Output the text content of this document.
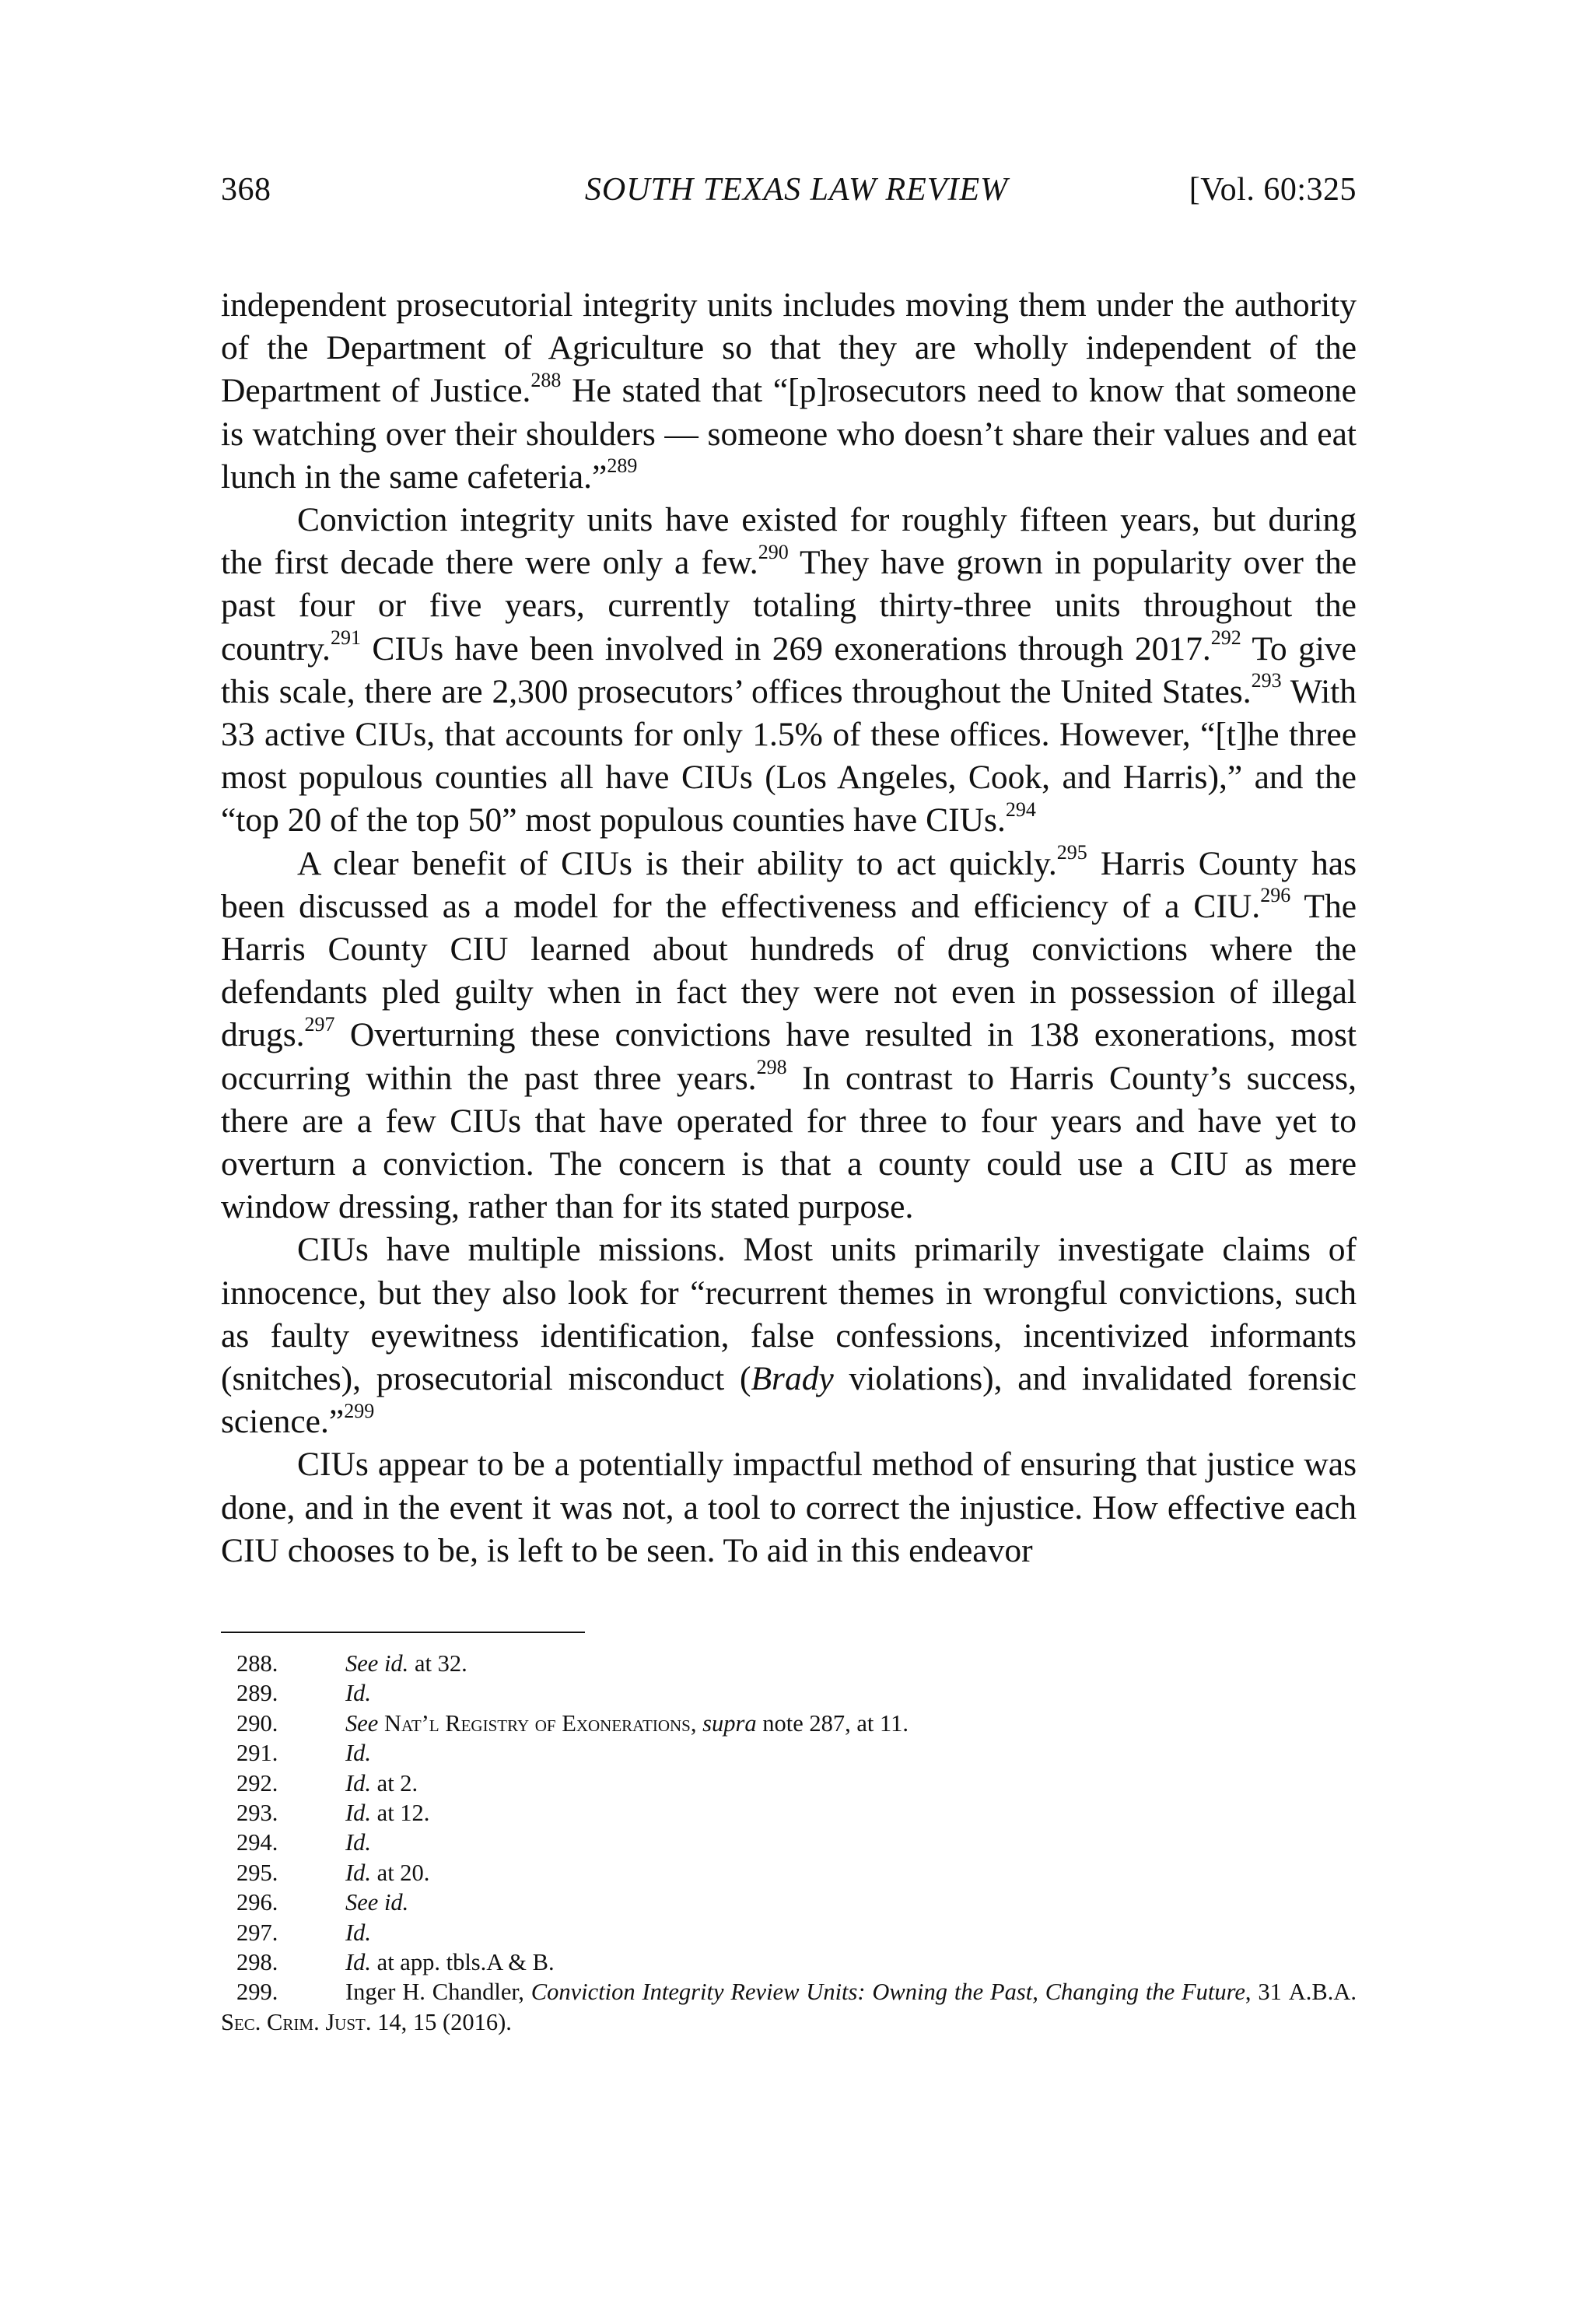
368	SOUTH TEXAS LAW REVIEW	[Vol. 60:325

independent prosecutorial integrity units includes moving them under the authority of the Department of Agriculture so that they are wholly independent of the Department of Justice.$^{288}$ He stated that “[p]rosecutors need to know that someone is watching over their shoulders — someone who doesn’t share their values and eat lunch in the same cafeteria.”$^{289}$

Conviction integrity units have existed for roughly fifteen years, but during the first decade there were only a few.$^{290}$ They have grown in popularity over the past four or five years, currently totaling thirty-three units throughout the country.$^{291}$ CIUs have been involved in 269 exonerations through 2017.$^{292}$ To give this scale, there are 2,300 prosecutors’ offices throughout the United States.$^{293}$ With 33 active CIUs, that accounts for only 1.5% of these offices. However, “[t]he three most populous counties all have CIUs (Los Angeles, Cook, and Harris),” and the “top 20 of the top 50” most populous counties have CIUs.$^{294}$

A clear benefit of CIUs is their ability to act quickly.$^{295}$ Harris County has been discussed as a model for the effectiveness and efficiency of a CIU.$^{296}$ The Harris County CIU learned about hundreds of drug convictions where the defendants pled guilty when in fact they were not even in possession of illegal drugs.$^{297}$ Overturning these convictions have resulted in 138 exonerations, most occurring within the past three years.$^{298}$ In contrast to Harris County’s success, there are a few CIUs that have operated for three to four years and have yet to overturn a conviction. The concern is that a county could use a CIU as mere window dressing, rather than for its stated purpose.

CIUs have multiple missions. Most units primarily investigate claims of innocence, but they also look for “recurrent themes in wrongful convictions, such as faulty eyewitness identification, false confessions, incentivized informants (snitches), prosecutorial misconduct (Brady violations), and invalidated forensic science.”$^{299}$

CIUs appear to be a potentially impactful method of ensuring that justice was done, and in the event it was not, a tool to correct the injustice. How effective each CIU chooses to be, is left to be seen. To aid in this endeavor

288.	See id. at 32.

289.	Id.

290.	See Nat’l Registry of Exonerations, supra note 287, at 11.

291.	Id.

292.	Id. at 2.

293.	Id. at 12.

294.	Id.

295.	Id. at 20.

296.	See id.

297.	Id.

298.	Id. at app. tbls.A & B.

299.	Inger H. Chandler, Conviction Integrity Review Units: Owning the Past, Changing the Future, 31 A.B.A. Sec. Crim. Just. 14, 15 (2016).
